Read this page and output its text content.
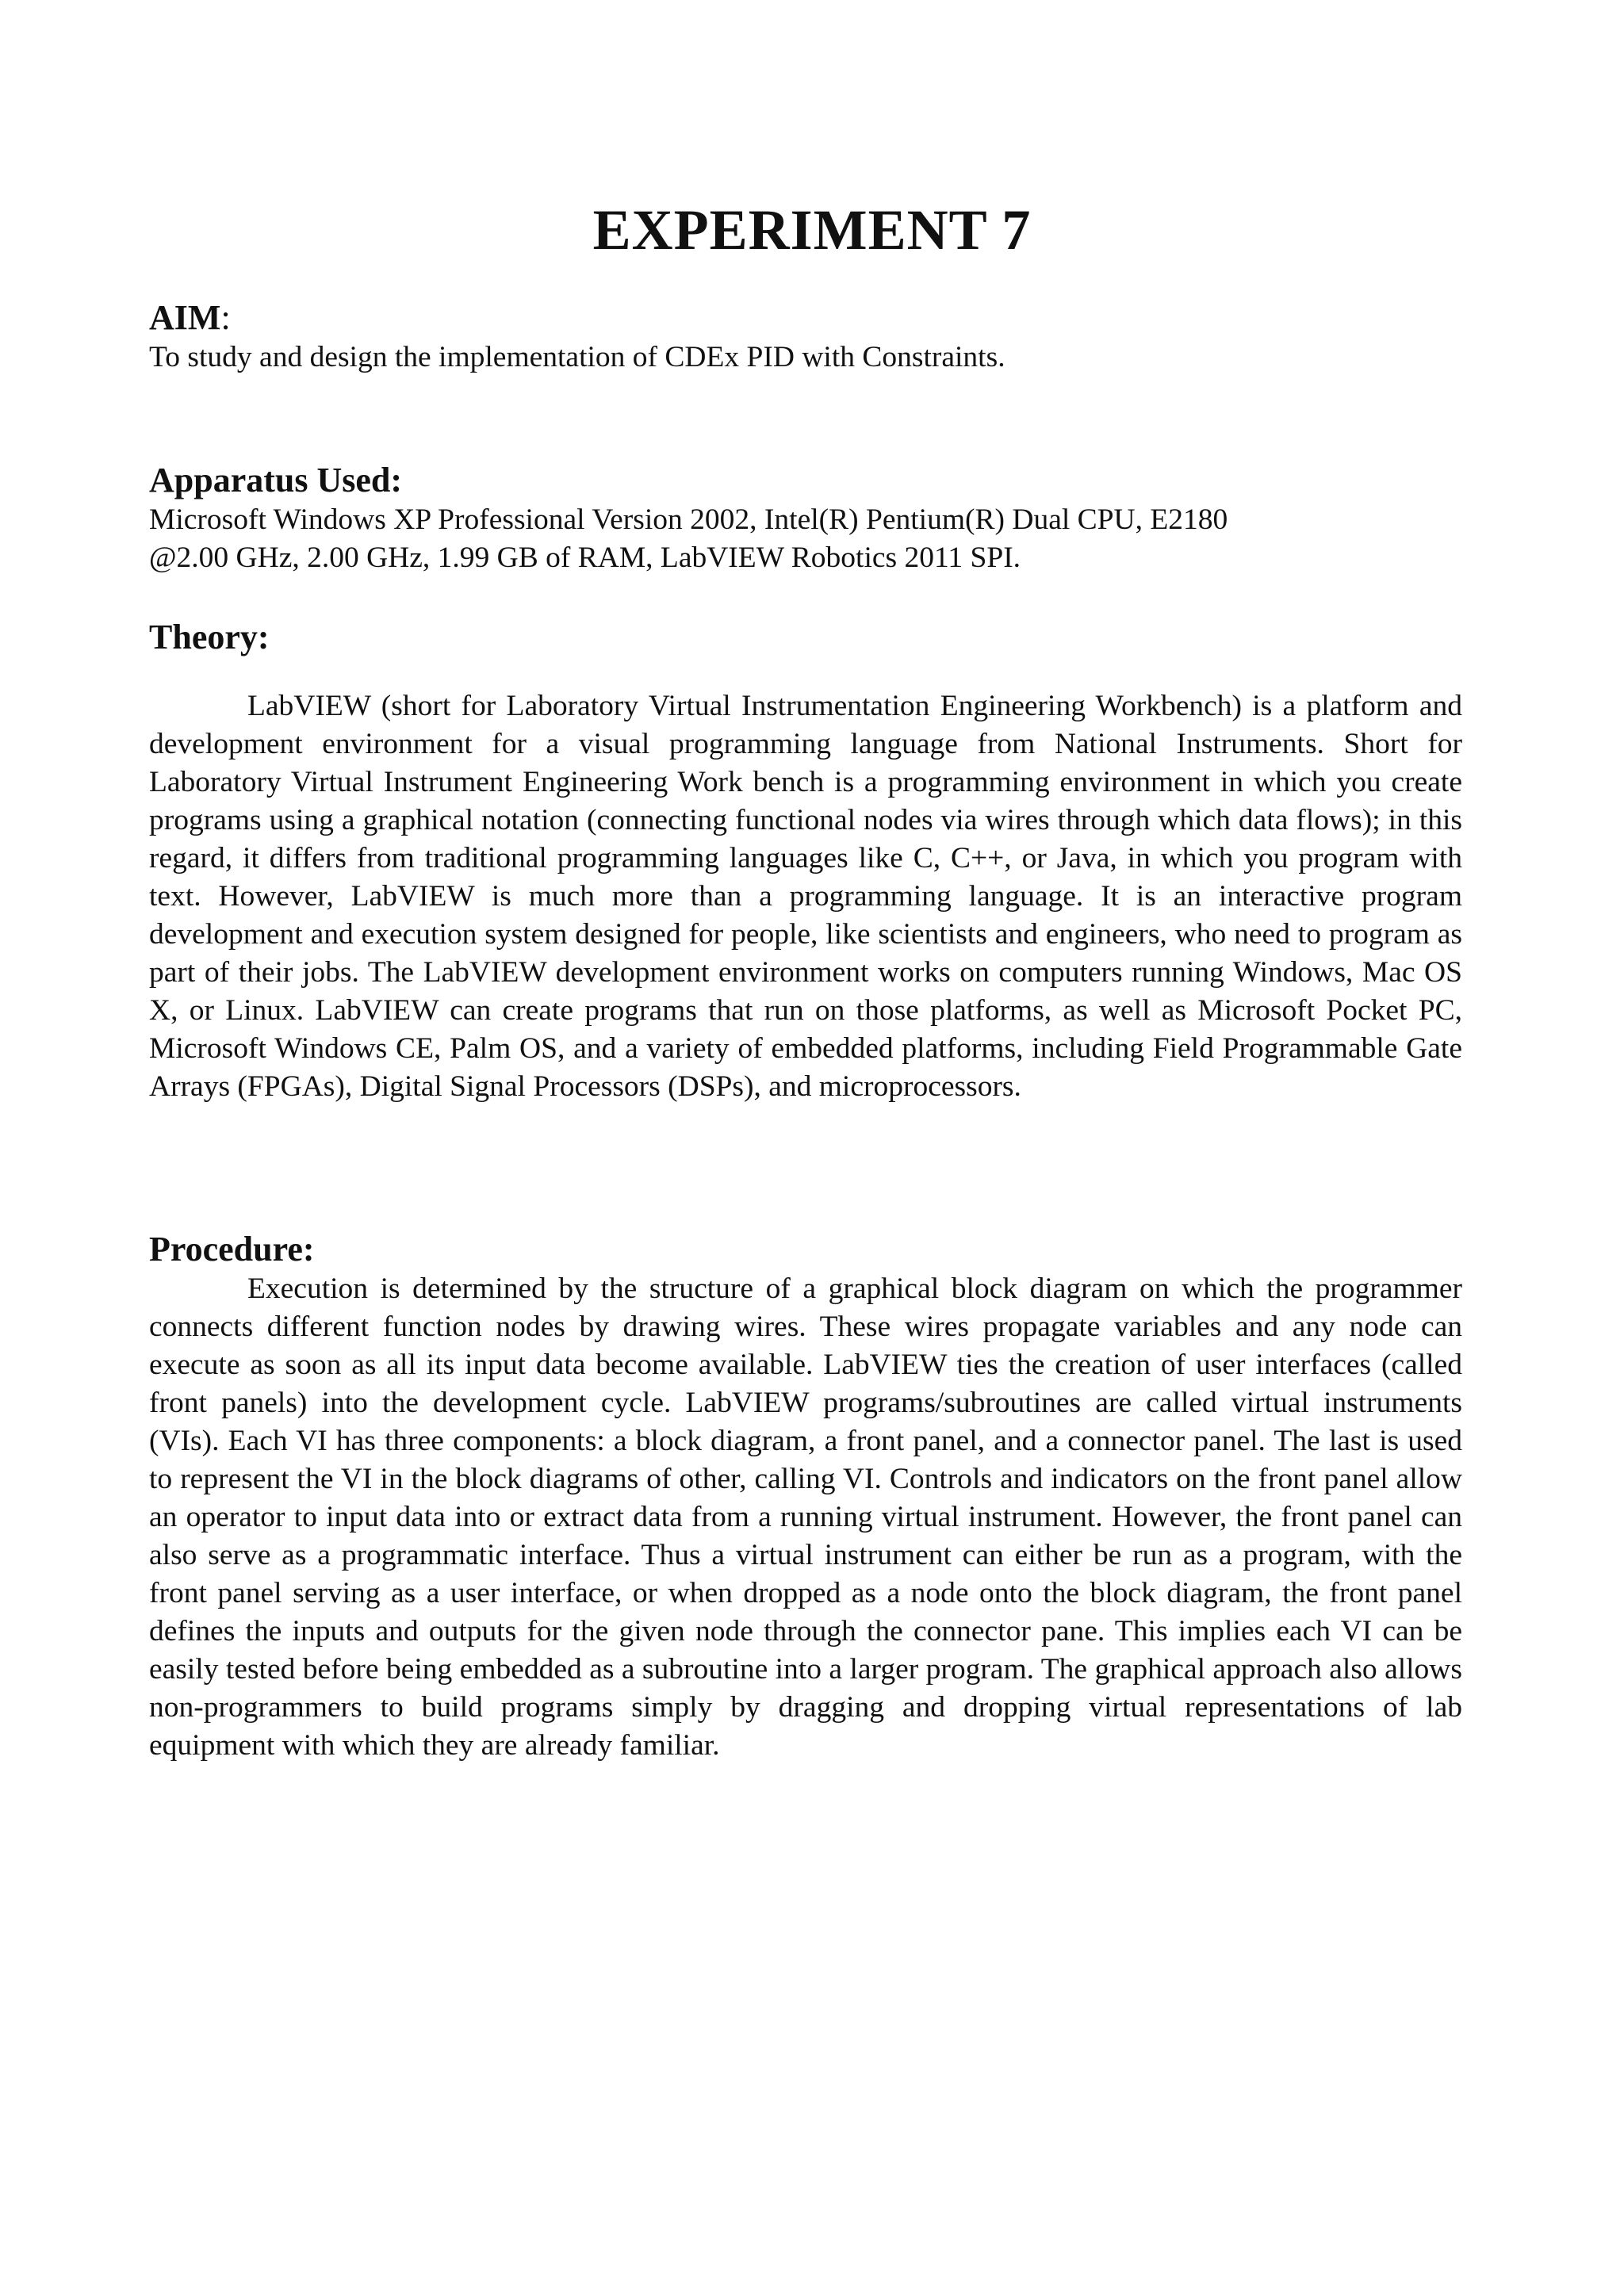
EXPERIMENT 7

AIM:

To study and design the implementation of CDEx PID with Constraints.

Apparatus Used:

Microsoft Windows XP Professional Version 2002, Intel(R) Pentium(R) Dual CPU, E2180

@2.00 GHz, 2.00 GHz, 1.99 GB of RAM, LabVIEW Robotics 2011 SPI.

Theory:

LabVIEW (short for Laboratory Virtual Instrumentation Engineering Workbench) is a platform and development environment for a visual programming language from National Instruments. Short for Laboratory Virtual Instrument Engineering Work bench is a programming environment in which you create programs using a graphical notation (connecting functional nodes via wires through which data flows); in this regard, it differs from traditional programming languages like C, C++, or Java, in which you program with text. However, LabVIEW is much more than a programming language. It is an interactive program development and execution system designed for people, like scientists and engineers, who need to program as part of their jobs. The LabVIEW development environment works on computers running Windows, Mac OS X, or Linux. LabVIEW can create programs that run on those platforms, as well as Microsoft Pocket PC, Microsoft Windows CE, Palm OS, and a variety of embedded platforms, including Field Programmable Gate Arrays (FPGAs), Digital Signal Processors (DSPs), and microprocessors.

Procedure:

Execution is determined by the structure of a graphical block diagram on which the programmer connects different function nodes by drawing wires. These wires propagate variables and any node can execute as soon as all its input data become available. LabVIEW ties the creation of user interfaces (called front panels) into the development cycle. LabVIEW programs/subroutines are called virtual instruments (VIs). Each VI has three components: a block diagram, a front panel, and a connector panel. The last is used to represent the VI in the block diagrams of other, calling VI. Controls and indicators on the front panel allow an operator to input data into or extract data from a running virtual instrument. However, the front panel can also serve as a programmatic interface. Thus a virtual instrument can either be run as a program, with the front panel serving as a user interface, or when dropped as a node onto the block diagram, the front panel defines the inputs and outputs for the given node through the connector pane. This implies each VI can be easily tested before being embedded as a subroutine into a larger program. The graphical approach also allows non-programmers to build programs simply by dragging and dropping virtual representations of lab equipment with which they are already familiar.
